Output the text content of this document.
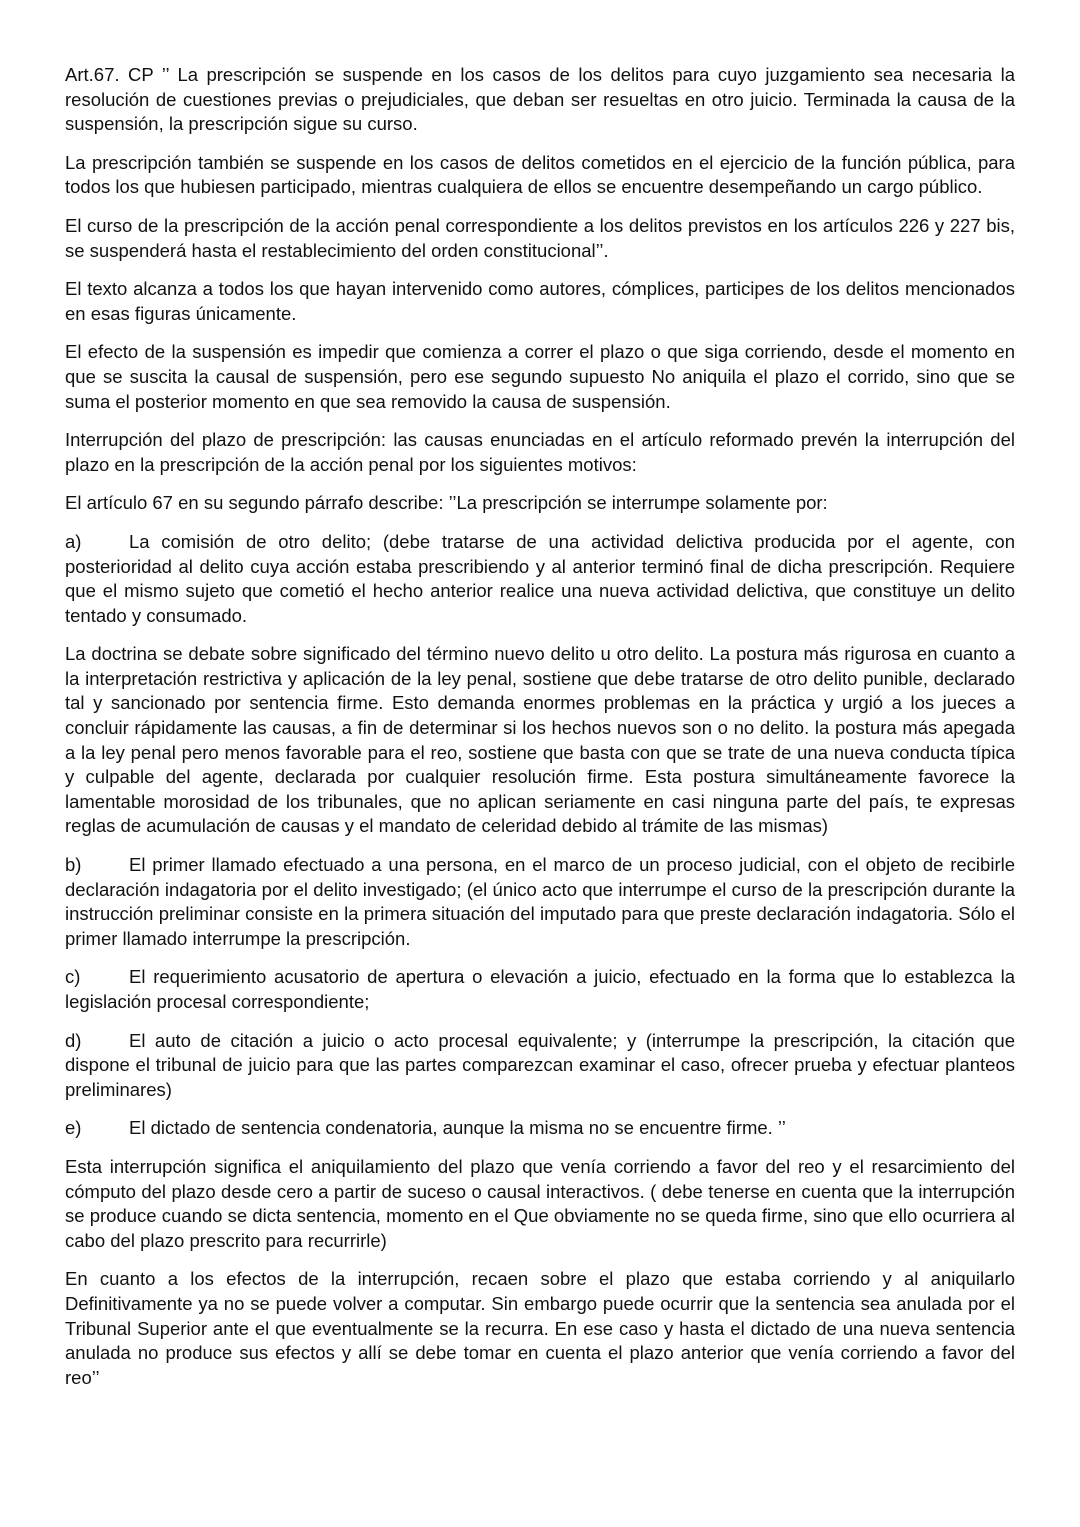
Art.67. CP ’’ La prescripción se suspende en los casos de los delitos para cuyo juzgamiento sea necesaria la resolución de cuestiones previas o prejudiciales, que deban ser resueltas en otro juicio. Terminada la causa de la suspensión, la prescripción sigue su curso.

La prescripción también se suspende en los casos de delitos cometidos en el ejercicio de la función pública, para todos los que hubiesen participado, mientras cualquiera de ellos se encuentre desempeñando un cargo público.

El curso de la prescripción de la acción penal correspondiente a los delitos previstos en los artículos 226 y 227 bis, se suspenderá hasta el restablecimiento del orden constitucional’’.

El texto alcanza a todos los que hayan intervenido como autores, cómplices, participes de los delitos mencionados en esas figuras únicamente.

El efecto de la suspensión es impedir que comienza a correr el plazo o que siga corriendo, desde el momento en que se suscita la causal de suspensión, pero ese segundo supuesto No aniquila el plazo el corrido, sino que se suma el posterior momento en que sea removido la causa de suspensión.

Interrupción del plazo de prescripción: las causas enunciadas en el artículo reformado prevén la interrupción del plazo en la prescripción de la acción penal por los siguientes motivos:

El artículo 67 en su segundo párrafo describe: ’’La prescripción se interrumpe solamente por:

a)	La comisión de otro delito; (debe tratarse de una actividad delictiva producida por el agente, con posterioridad al delito cuya acción estaba prescribiendo y al anterior terminó final de dicha prescripción. Requiere que el mismo sujeto que cometió el hecho anterior realice una nueva actividad delictiva, que constituye un delito tentado y consumado.

La doctrina se debate sobre significado del término nuevo delito u otro delito. La postura más rigurosa en cuanto a la interpretación restrictiva y aplicación de la ley penal, sostiene que debe tratarse de otro delito punible, declarado tal y sancionado por sentencia firme. Esto demanda enormes problemas en la práctica y urgió a los jueces a concluir rápidamente las causas, a fin de determinar si los hechos nuevos son o no delito. la postura más apegada a la ley penal pero menos favorable para el reo, sostiene que basta con que se trate de una nueva conducta típica y culpable del agente, declarada por cualquier resolución firme. Esta postura simultáneamente favorece la lamentable morosidad de los tribunales, que no aplican seriamente en casi ninguna parte del país, te expresas reglas de acumulación de causas y el mandato de celeridad debido al trámite de las mismas)

b)	El primer llamado efectuado a una persona, en el marco de un proceso judicial, con el objeto de recibirle declaración indagatoria por el delito investigado; (el único acto que interrumpe el curso de la prescripción durante la instrucción preliminar consiste en la primera situación del imputado para que preste declaración indagatoria. Sólo el primer llamado interrumpe la prescripción.

c)	El requerimiento acusatorio de apertura o elevación a juicio, efectuado en la forma que lo establezca la legislación procesal correspondiente;

d)	El auto de citación a juicio o acto procesal equivalente; y (interrumpe la prescripción, la citación que dispone el tribunal de juicio para que las partes comparezcan examinar el caso, ofrecer prueba y efectuar planteos preliminares)

e)	El dictado de sentencia condenatoria, aunque la misma no se encuentre firme. ’’

Esta interrupción significa el aniquilamiento del plazo que venía corriendo a favor del reo y el resarcimiento del cómputo del plazo desde cero a partir de suceso o causal interactivos. ( debe tenerse en cuenta que la interrupción se produce cuando se dicta sentencia, momento en el Que obviamente no se queda firme, sino que ello ocurriera al cabo del plazo prescrito para recurrirle)

En cuanto a los efectos de la interrupción, recaen sobre el plazo que estaba corriendo y al aniquilarlo Definitivamente ya no se puede volver a computar. Sin embargo puede ocurrir que la sentencia sea anulada por el Tribunal Superior ante el que eventualmente se la recurra. En ese caso y hasta el dictado de una nueva sentencia anulada no produce sus efectos y allí se debe tomar en cuenta el plazo anterior que venía corriendo a favor del reo’’
